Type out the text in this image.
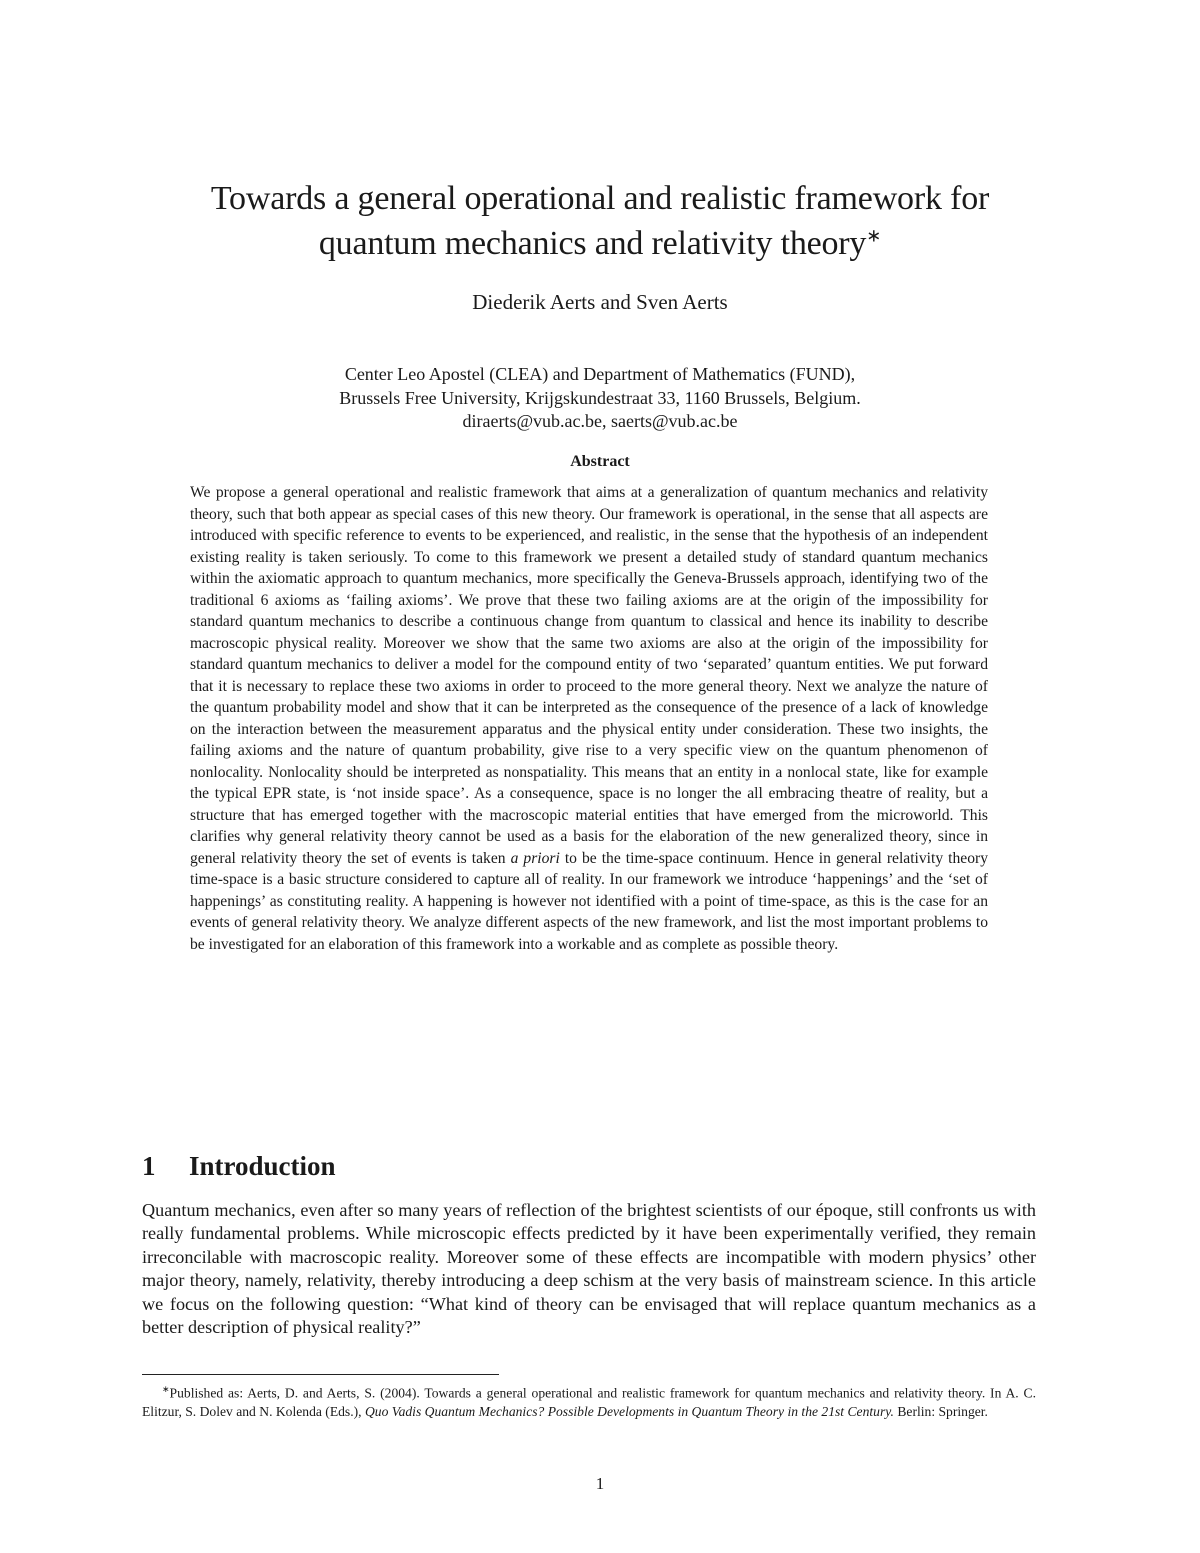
Towards a general operational and realistic framework for
quantum mechanics and relativity theory∗
Diederik Aerts and Sven Aerts
Center Leo Apostel (CLEA) and Department of Mathematics (FUND),
Brussels Free University, Krijgskundestraat 33, 1160 Brussels, Belgium.
diraerts@vub.ac.be, saerts@vub.ac.be
Abstract
We propose a general operational and realistic framework that aims at a generalization of quantum mechanics and relativity theory, such that both appear as special cases of this new theory. Our framework is operational, in the sense that all aspects are introduced with specific reference to events to be experienced, and realistic, in the sense that the hypothesis of an independent existing reality is taken seriously. To come to this framework we present a detailed study of standard quantum mechanics within the axiomatic approach to quantum mechanics, more specifically the Geneva-Brussels approach, identifying two of the traditional 6 axioms as ‘failing axioms’. We prove that these two failing axioms are at the origin of the impossibility for standard quantum mechanics to describe a continuous change from quantum to classical and hence its inability to describe macroscopic physical reality. Moreover we show that the same two axioms are also at the origin of the impossibility for standard quantum mechanics to deliver a model for the compound entity of two ‘separated’ quantum entities. We put forward that it is necessary to replace these two axioms in order to proceed to the more general theory. Next we analyze the nature of the quantum probability model and show that it can be interpreted as the consequence of the presence of a lack of knowledge on the interaction between the measurement apparatus and the physical entity under consideration. These two insights, the failing axioms and the nature of quantum probability, give rise to a very specific view on the quantum phenomenon of nonlocality. Nonlocality should be interpreted as nonspatiality. This means that an entity in a nonlocal state, like for example the typical EPR state, is ‘not inside space’. As a consequence, space is no longer the all embracing theatre of reality, but a structure that has emerged together with the macroscopic material entities that have emerged from the microworld. This clarifies why general relativity theory cannot be used as a basis for the elaboration of the new generalized theory, since in general relativity theory the set of events is taken a priori to be the time-space continuum. Hence in general relativity theory time-space is a basic structure considered to capture all of reality. In our framework we introduce ‘happenings’ and the ‘set of happenings’ as constituting reality. A happening is however not identified with a point of time-space, as this is the case for an events of general relativity theory. We analyze different aspects of the new framework, and list the most important problems to be investigated for an elaboration of this framework into a workable and as complete as possible theory.
1 Introduction
Quantum mechanics, even after so many years of reflection of the brightest scientists of our époque, still confronts us with really fundamental problems. While microscopic effects predicted by it have been experimentally verified, they remain irreconcilable with macroscopic reality. Moreover some of these effects are incompatible with modern physics’ other major theory, namely, relativity, thereby introducing a deep schism at the very basis of mainstream science. In this article we focus on the following question: “What kind of theory can be envisaged that will replace quantum mechanics as a better description of physical reality?”
∗Published as: Aerts, D. and Aerts, S. (2004). Towards a general operational and realistic framework for quantum mechanics and relativity theory. In A. C. Elitzur, S. Dolev and N. Kolenda (Eds.), Quo Vadis Quantum Mechanics? Possible Developments in Quantum Theory in the 21st Century. Berlin: Springer.
1
